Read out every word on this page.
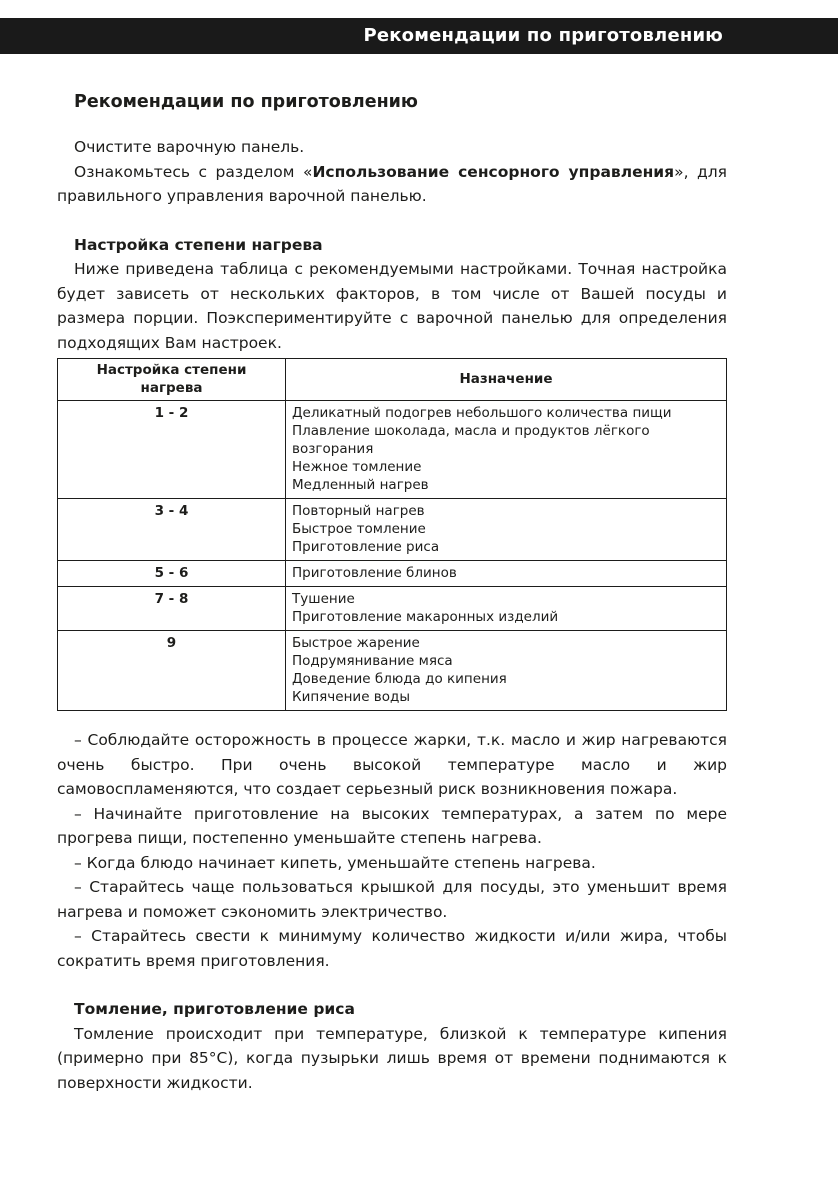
Рекомендации по приготовлению
Рекомендации по приготовлению

Очистите варочную панель.

Ознакомьтесь с разделом «Использование сенсорного управления», для правильного управления варочной панелью.

Настройка степени нагрева

Ниже приведена таблица с рекомендуемыми настройками. Точная настройка будет зависеть от нескольких факторов, в том числе от Вашей посуды и размера порции. Поэкспериментируйте с варочной панелью для определения подходящих Вам настроек.

Настройка степени нагрева	Назначение
1 - 2	Деликатный подогрев небольшого количества пищи
Плавление шоколада, масла и продуктов лёгкого возгорания
Нежное томление
Медленный нагрев

3 - 4	Повторный нагрев
Быстрое томление
Приготовление риса

5 - 6	Приготовление блинов

7 - 8	Тушение
Приготовление макаронных изделий

9	Быстрое жарение
Подрумянивание мяса
Доведение блюда до кипения
Кипячение воды

– Соблюдайте осторожность в процессе жарки, т.к. масло и жир нагреваются очень быстро. При очень высокой температуре масло и жир самовоспламеняются, что создает серьезный риск возникновения пожара.

– Начинайте приготовление на высоких температурах, а затем по мере прогрева пищи, постепенно уменьшайте степень нагрева.

– Когда блюдо начинает кипеть, уменьшайте степень нагрева.

– Старайтесь чаще пользоваться крышкой для посуды, это уменьшит время нагрева и поможет сэкономить электричество.

– Старайтесь свести к минимуму количество жидкости и/или жира, чтобы сократить время приготовления.

Томление, приготовление риса

Томление происходит при температуре, близкой к температуре кипения (примерно при 85°C), когда пузырьки лишь время от времени поднимаются к поверхности жидкости.
